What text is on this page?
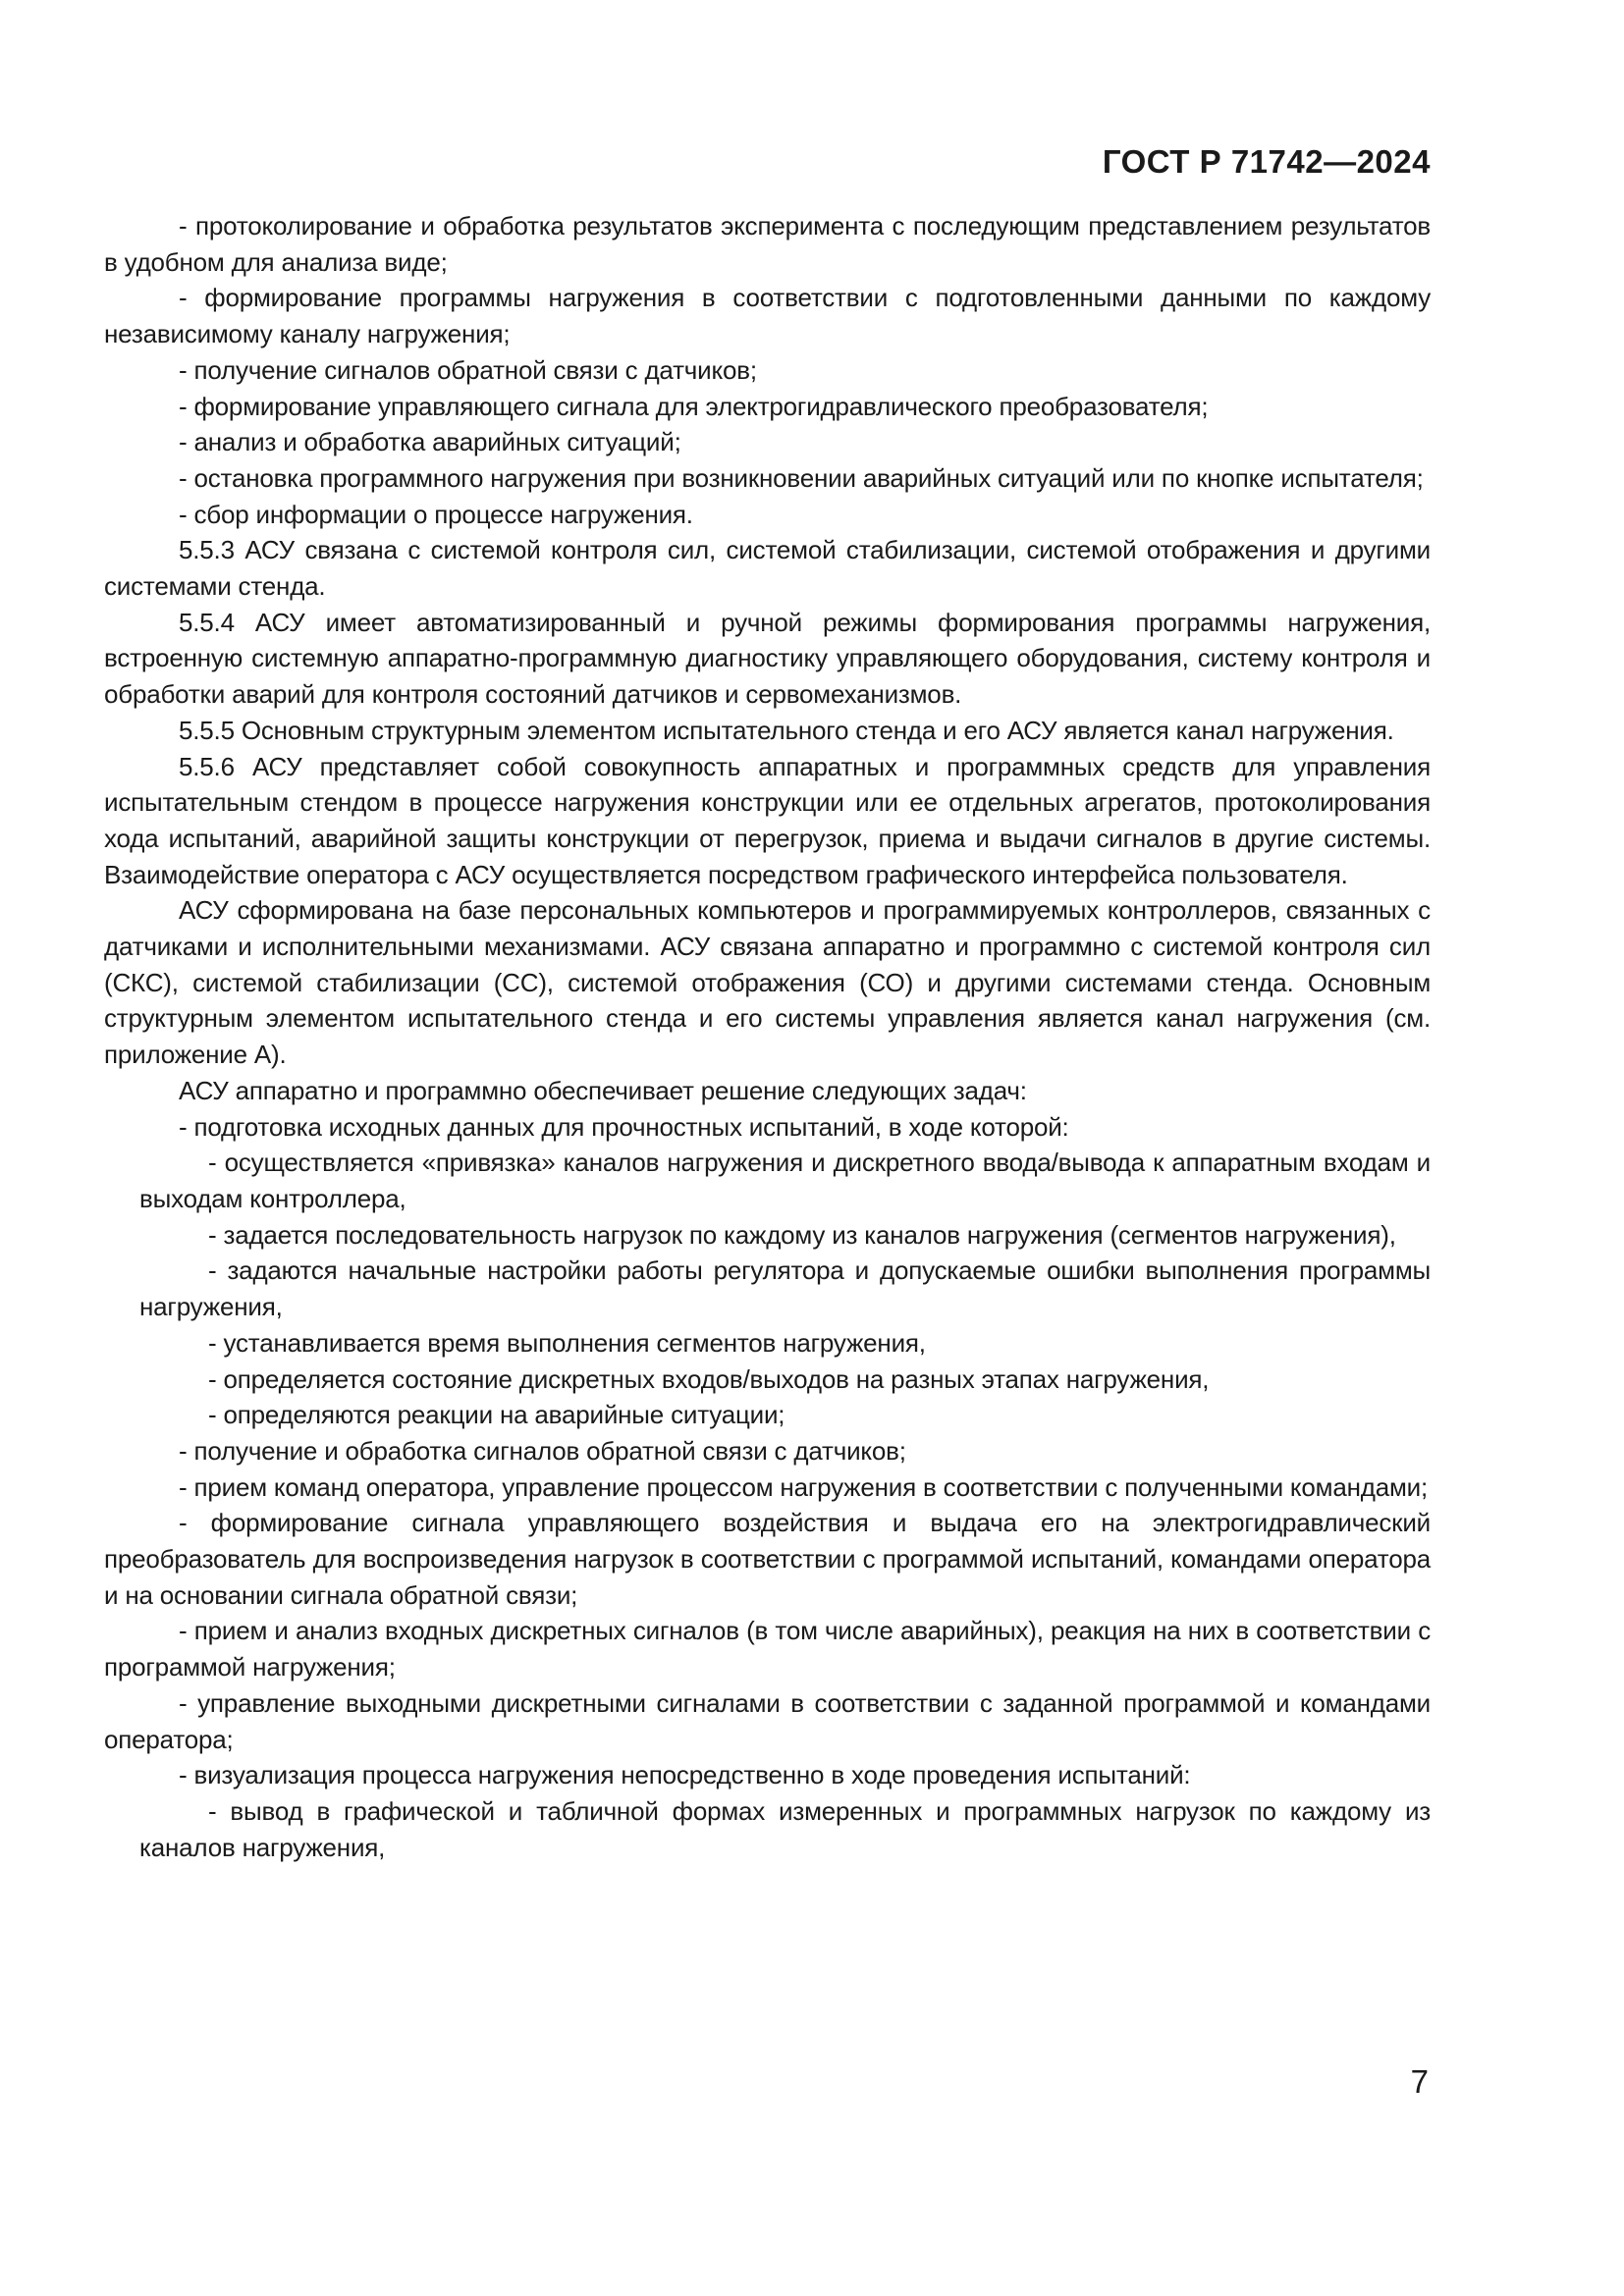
ГОСТ Р 71742—2024

- протоколирование и обработка результатов эксперимента с последующим представлением результатов в удобном для анализа виде;

- формирование программы нагружения в соответствии с подготовленными данными по каждому независимому каналу нагружения;

- получение сигналов обратной связи с датчиков;

- формирование управляющего сигнала для электрогидравлического преобразователя;

- анализ и обработка аварийных ситуаций;

- остановка программного нагружения при возникновении аварийных ситуаций или по кнопке испытателя;

- сбор информации о процессе нагружения.

5.5.3 АСУ связана с системой контроля сил, системой стабилизации, системой отображения и другими системами стенда.

5.5.4 АСУ имеет автоматизированный и ручной режимы формирования программы нагружения, встроенную системную аппаратно-программную диагностику управляющего оборудования, систему контроля и обработки аварий для контроля состояний датчиков и сервомеханизмов.

5.5.5 Основным структурным элементом испытательного стенда и его АСУ является канал нагружения.

5.5.6 АСУ представляет собой совокупность аппаратных и программных средств для управления испытательным стендом в процессе нагружения конструкции или ее отдельных агрегатов, протоколирования хода испытаний, аварийной защиты конструкции от перегрузок, приема и выдачи сигналов в другие системы. Взаимодействие оператора с АСУ осуществляется посредством графического интерфейса пользователя.

АСУ сформирована на базе персональных компьютеров и программируемых контроллеров, связанных с датчиками и исполнительными механизмами. АСУ связана аппаратно и программно с системой контроля сил (СКС), системой стабилизации (СС), системой отображения (СО) и другими системами стенда. Основным структурным элементом испытательного стенда и его системы управления является канал нагружения (см. приложение А).

АСУ аппаратно и программно обеспечивает решение следующих задач:

- подготовка исходных данных для прочностных испытаний, в ходе которой:

- осуществляется «привязка» каналов нагружения и дискретного ввода/вывода к аппаратным входам и выходам контроллера,

- задается последовательность нагрузок по каждому из каналов нагружения (сегментов нагружения),

- задаются начальные настройки работы регулятора и допускаемые ошибки выполнения программы нагружения,

- устанавливается время выполнения сегментов нагружения,

- определяется состояние дискретных входов/выходов на разных этапах нагружения,

- определяются реакции на аварийные ситуации;

- получение и обработка сигналов обратной связи с датчиков;

- прием команд оператора, управление процессом нагружения в соответствии с полученными командами;

- формирование сигнала управляющего воздействия и выдача его на электрогидравлический преобразователь для воспроизведения нагрузок в соответствии с программой испытаний, командами оператора и на основании сигнала обратной связи;

- прием и анализ входных дискретных сигналов (в том числе аварийных), реакция на них в соответствии с программой нагружения;

- управление выходными дискретными сигналами в соответствии с заданной программой и командами оператора;

- визуализация процесса нагружения непосредственно в ходе проведения испытаний:

- вывод в графической и табличной формах измеренных и программных нагрузок по каждому из каналов нагружения,

7
